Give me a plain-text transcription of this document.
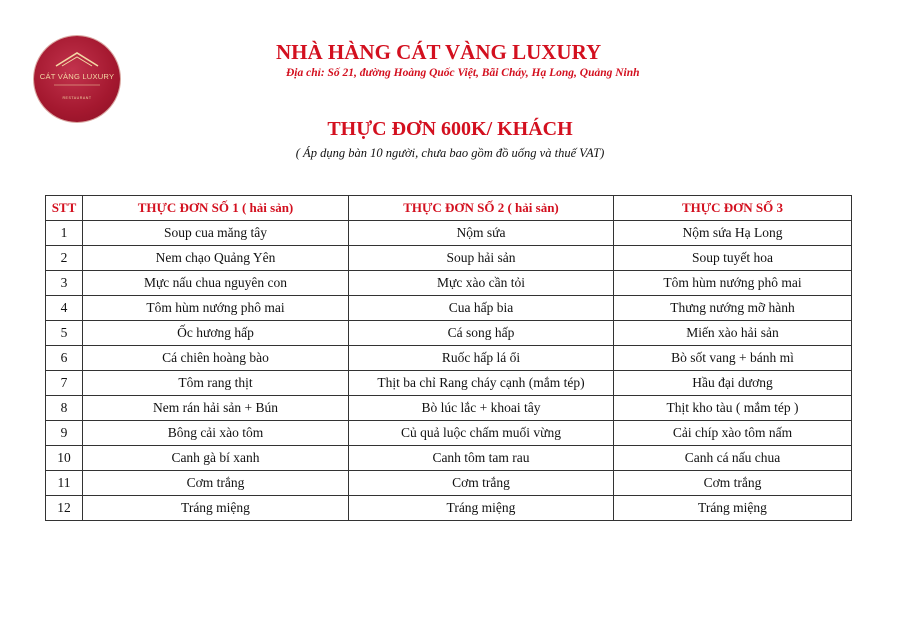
CÁT VÀNG LUXURY
RESTAURANT
NHÀ HÀNG CÁT VÀNG LUXURY
Địa chỉ: Số 21, đường Hoàng Quốc Việt, Bãi Cháy, Hạ Long, Quảng Ninh
THỰC ĐƠN 600K/ KHÁCH
( Áp dụng bàn 10 người, chưa bao gồm đồ uống và thuế VAT)
STT	THỰC ĐƠN SỐ 1 ( hải sản)	THỰC ĐƠN SỐ 2 ( hải sản)	THỰC ĐƠN SỐ 3
1	Soup cua măng tây	Nộm sứa	Nộm sứa Hạ Long
2	Nem chạo Quảng Yên	Soup hải sản	Soup tuyết hoa
3	Mực nấu chua nguyên con	Mực xào cần tỏi	Tôm hùm nướng phô mai
4	Tôm hùm nướng phô mai	Cua hấp bia	Thưng nướng mỡ hành
5	Ốc hương hấp	Cá song hấp	Miến xào hải sản
6	Cá chiên hoàng bào	Ruốc hấp lá ổi	Bò sốt vang + bánh mì
7	Tôm rang thịt	Thịt ba chỉ Rang cháy cạnh (mắm tép)	Hầu đại dương
8	Nem rán hải sản + Bún	Bò lúc lắc + khoai tây	Thịt kho tàu ( mắm tép )
9	Bông cải xào tôm	Củ quả luộc chấm muối vừng	Cải chíp xào tôm nấm
10	Canh gà bí xanh	Canh tôm tam rau	Canh cá nấu chua
11	Cơm trắng	Cơm trắng	Cơm trắng
12	Tráng miệng	Tráng miệng	Tráng miệng
